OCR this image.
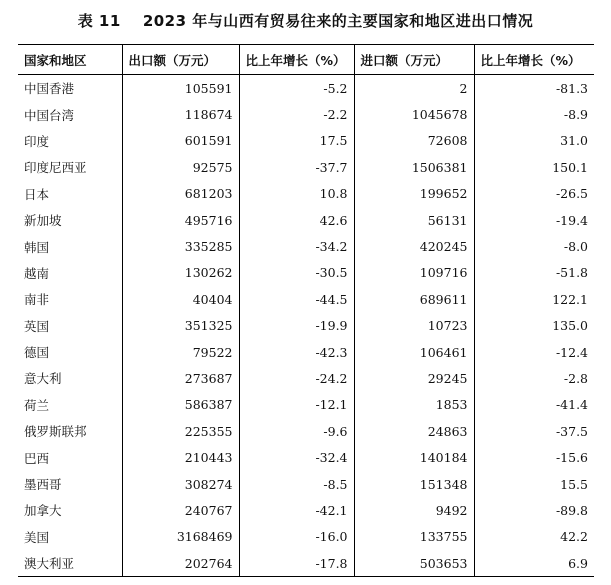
表 11 2023 年与山西有贸易往来的主要国家和地区进出口情况
国家和地区	出口额（万元）	比上年增长（%）	进口额（万元）	比上年增长（%）
中国香港	105591	-5.2	2	-81.3
中国台湾	118674	-2.2	1045678	-8.9
印度	601591	17.5	72608	31.0
印度尼西亚	92575	-37.7	1506381	150.1
日本	681203	10.8	199652	-26.5
新加坡	495716	42.6	56131	-19.4
韩国	335285	-34.2	420245	-8.0
越南	130262	-30.5	109716	-51.8
南非	40404	-44.5	689611	122.1
英国	351325	-19.9	10723	135.0
德国	79522	-42.3	106461	-12.4
意大利	273687	-24.2	29245	-2.8
荷兰	586387	-12.1	1853	-41.4
俄罗斯联邦	225355	-9.6	24863	-37.5
巴西	210443	-32.4	140184	-15.6
墨西哥	308274	-8.5	151348	15.5
加拿大	240767	-42.1	9492	-89.8
美国	3168469	-16.0	133755	42.2
澳大利亚	202764	-17.8	503653	6.9
